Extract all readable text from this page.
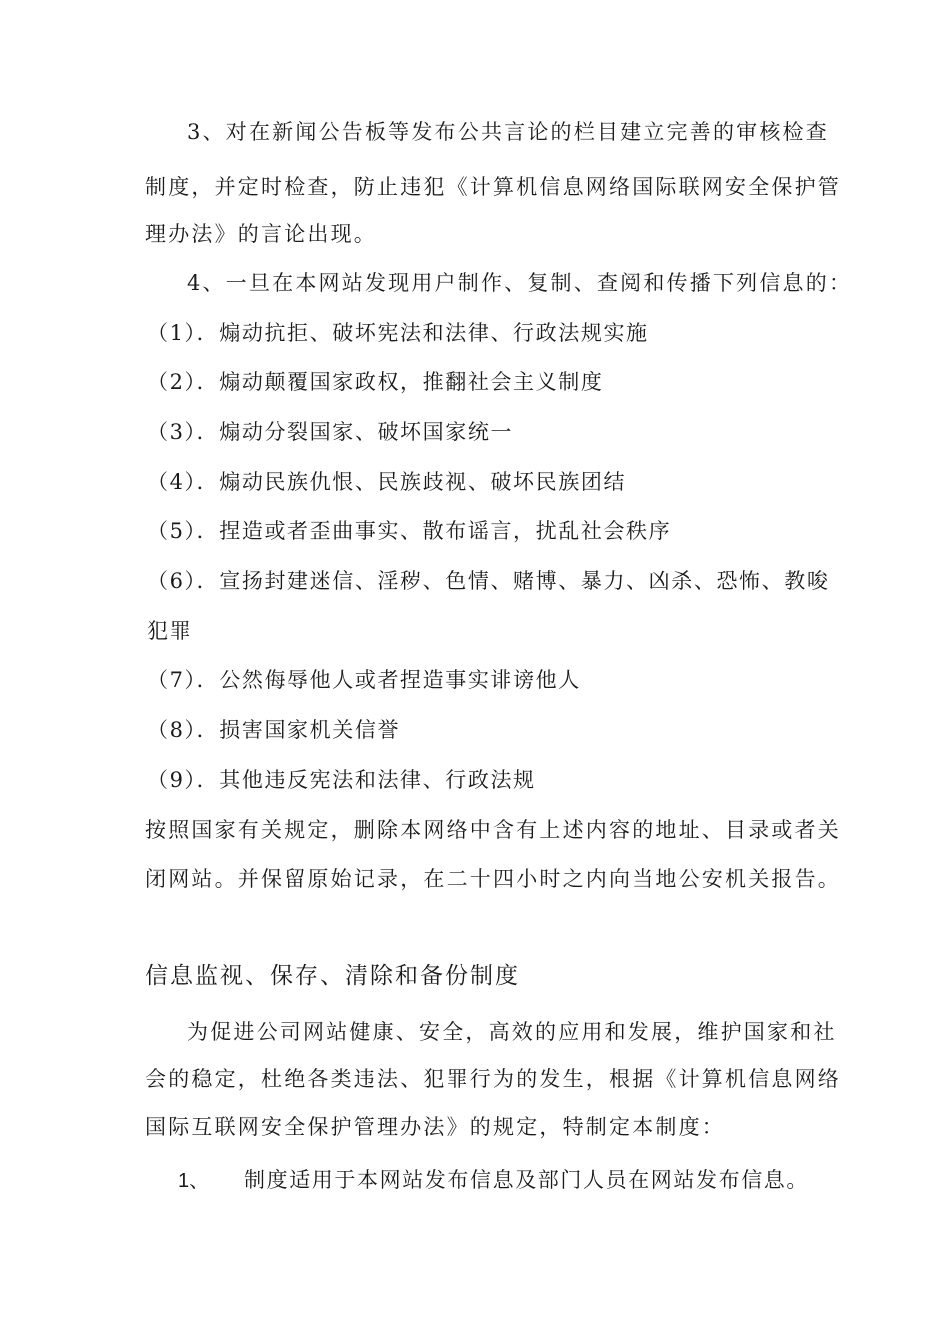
3、对在新闻公告板等发布公共言论的栏目建立完善的审核检查
制度，并定时检查，防止违犯《计算机信息网络国际联网安全保护管
理办法》的言论出现。
4、一旦在本网站发现用户制作、复制、查阅和传播下列信息的：
（1）．煽动抗拒、破坏宪法和法律、行政法规实施
（2）．煽动颠覆国家政权，推翻社会主义制度
（3）．煽动分裂国家、破坏国家统一
（4）．煽动民族仇恨、民族歧视、破坏民族团结
（5）．捏造或者歪曲事实、散布谣言，扰乱社会秩序
（6）．宣扬封建迷信、淫秽、色情、赌博、暴力、凶杀、恐怖、教唆
犯罪
（7）．公然侮辱他人或者捏造事实诽谤他人
（8）．损害国家机关信誉
（9）．其他违反宪法和法律、行政法规
按照国家有关规定，删除本网络中含有上述内容的地址、目录或者关
闭网站。并保留原始记录，在二十四小时之内向当地公安机关报告。
信息监视、保存、清除和备份制度
为促进公司网站健康、安全，高效的应用和发展，维护国家和社
会的稳定，杜绝各类违法、犯罪行为的发生，根据《计算机信息网络
国际互联网安全保护管理办法》的规定，特制定本制度：
1、 制度适用于本网站发布信息及部门人员在网站发布信息。
